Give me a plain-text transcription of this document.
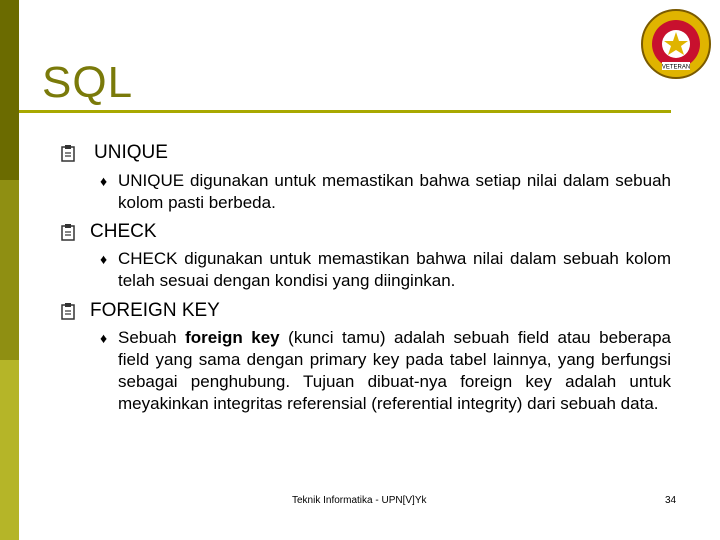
SQL	VETERAN
UNIQUE
♦ UNIQUE digunakan untuk memastikan bahwa setiap nilai dalam sebuah kolom pasti berbeda.
CHECK
♦ CHECK digunakan untuk memastikan bahwa nilai dalam sebuah kolom telah sesuai dengan kondisi yang diinginkan.
FOREIGN KEY
♦ Sebuah foreign key (kunci tamu) adalah sebuah field atau beberapa field yang sama dengan primary key pada tabel lainnya, yang berfungsi sebagai penghubung. Tujuan dibuat-nya foreign key adalah untuk meyakinkan integritas referensial (referential integrity) dari sebuah data.
Teknik Informatika - UPN[V]Yk	34
